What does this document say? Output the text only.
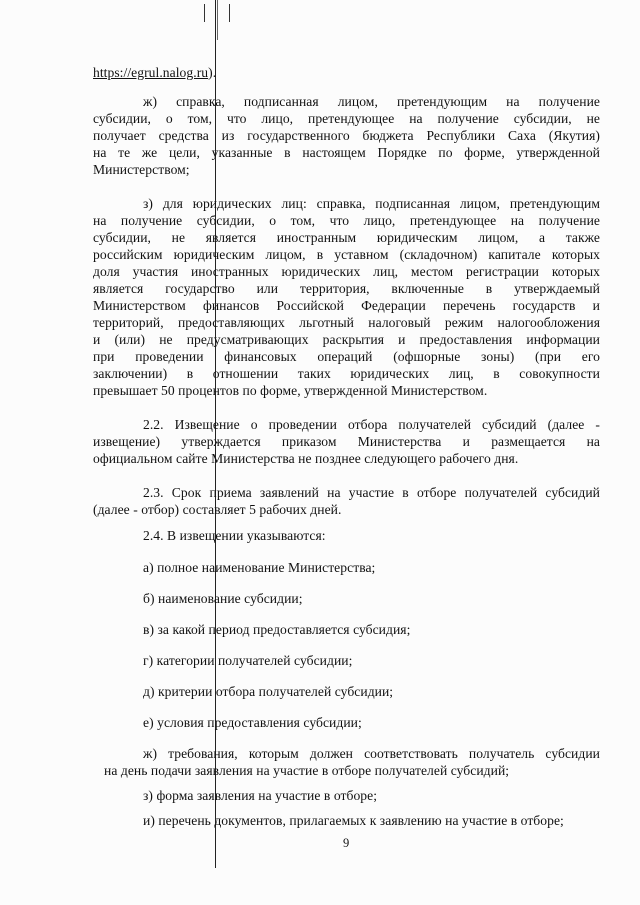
https://egrul.nalog.ru).
ж) справка, подписанная лицом, претендующим на получение
субсидии, о том, что лицо, претендующее на получение субсидии, не
получает средства из государственного бюджета Республики Саха (Якутия)
на те же цели, указанные в настоящем Порядке по форме, утвержденной
Министерством;
з) для юридических лиц: справка, подписанная лицом, претендующим
на получение субсидии, о том, что лицо, претендующее на получение
субсидии, не является иностранным юридическим лицом, а также
российским юридическим лицом, в уставном (складочном) капитале которых
доля участия иностранных юридических лиц, местом регистрации которых
является государство или территория, включенные в утверждаемый
Министерством финансов Российской Федерации перечень государств и
территорий, предоставляющих льготный налоговый режим налогообложения
и (или) не предусматривающих раскрытия и предоставления информации
при проведении финансовых операций (офшорные зоны) (при его
заключении) в отношении таких юридических лиц, в совокупности
превышает 50 процентов по форме, утвержденной Министерством.
2.2. Извещение о проведении отбора получателей субсидий (далее -
извещение) утверждается приказом Министерства и размещается на
официальном сайте Министерства не позднее следующего рабочего дня.
2.3. Срок приема заявлений на участие в отборе получателей субсидий
(далее - отбор) составляет 5 рабочих дней.
2.4. В извещении указываются:
а) полное наименование Министерства;
б) наименование субсидии;
в) за какой период предоставляется субсидия;
г) категории получателей субсидии;
д) критерии отбора получателей субсидии;
е) условия предоставления субсидии;
ж) требования, которым должен соответствовать получатель субсидии
на день подачи заявления на участие в отборе получателей субсидий;
з) форма заявления на участие в отборе;
и) перечень документов, прилагаемых к заявлению на участие в отборе;
9
